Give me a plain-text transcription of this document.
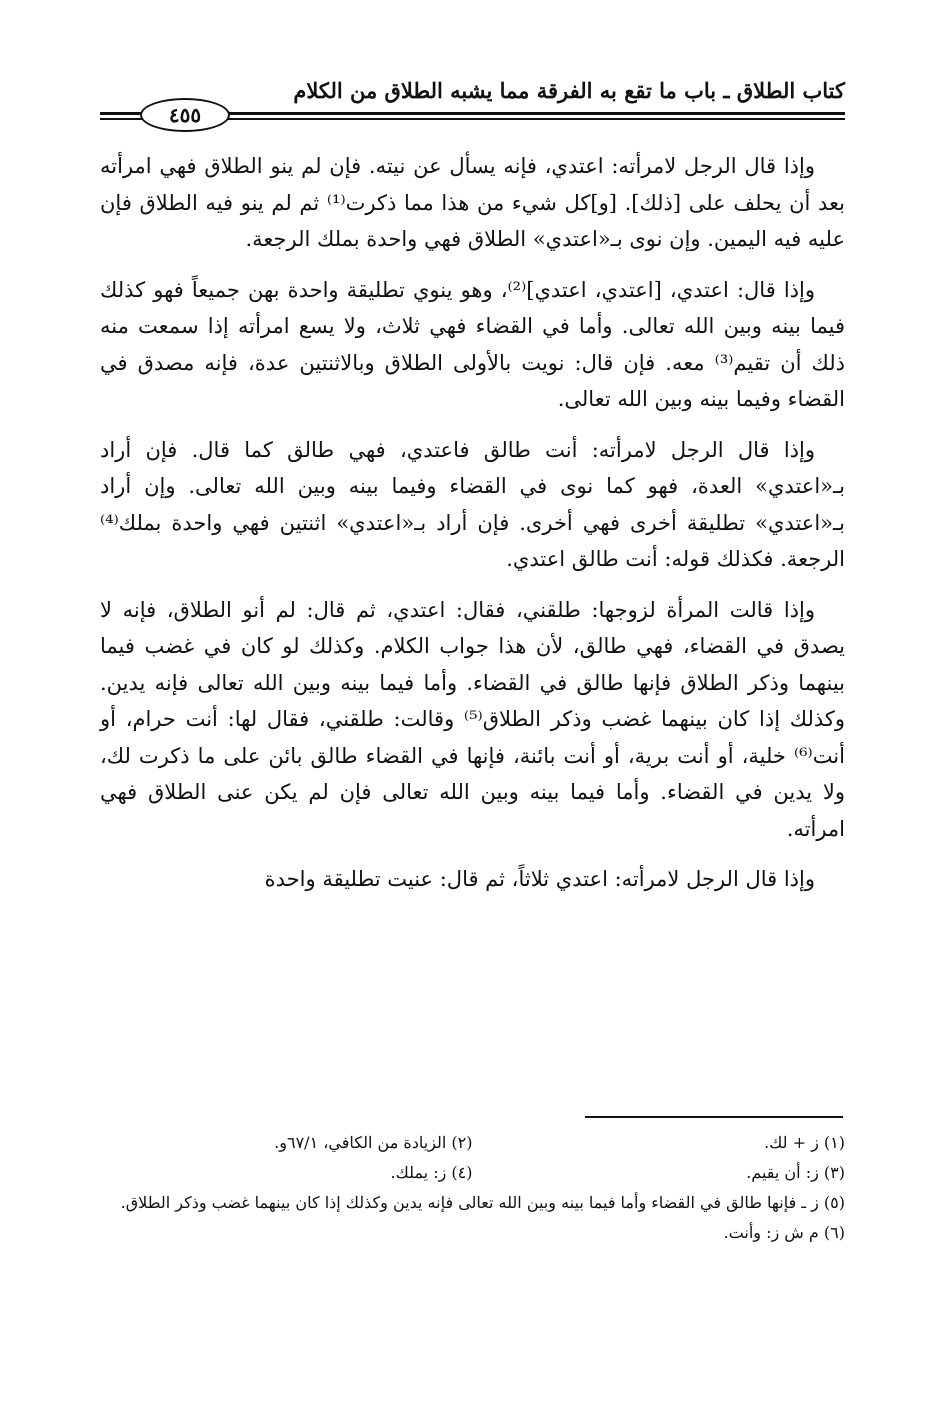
كتاب الطلاق ـ باب ما تقع به الفرقة مما يشبه الطلاق من الكلام
٤٥٥

وإذا قال الرجل لامرأته: اعتدي، فإنه يسأل عن نيته. فإن لم ينو الطلاق فهي امرأته بعد أن يحلف على [ذلك]. [و]كل شيء من هذا مما ذكرت⁽¹⁾ ثم لم ينو فيه الطلاق فإن عليه فيه اليمين. وإن نوى بـ«اعتدي» الطلاق فهي واحدة بملك الرجعة.

وإذا قال: اعتدي، [اعتدي، اعتدي]⁽²⁾، وهو ينوي تطليقة واحدة بهن جميعاً فهو كذلك فيما بينه وبين الله تعالى. وأما في القضاء فهي ثلاث، ولا يسع امرأته إذا سمعت منه ذلك أن تقيم⁽³⁾ معه. فإن قال: نويت بالأولى الطلاق وبالاثنتين عدة، فإنه مصدق في القضاء وفيما بينه وبين الله تعالى.

وإذا قال الرجل لامرأته: أنت طالق فاعتدي، فهي طالق كما قال. فإن أراد بـ«اعتدي» العدة، فهو كما نوى في القضاء وفيما بينه وبين الله تعالى. وإن أراد بـ«اعتدي» تطليقة أخرى فهي أخرى. فإن أراد بـ«اعتدي» اثنتين فهي واحدة بملك⁽⁴⁾ الرجعة. فكذلك قوله: أنت طالق اعتدي.

وإذا قالت المرأة لزوجها: طلقني، فقال: اعتدي، ثم قال: لم أنو الطلاق، فإنه لا يصدق في القضاء، فهي طالق، لأن هذا جواب الكلام. وكذلك لو كان في غضب فيما بينهما وذكر الطلاق فإنها طالق في القضاء. وأما فيما بينه وبين الله تعالى فإنه يدين. وكذلك إذا كان بينهما غضب وذكر الطلاق⁽⁵⁾ وقالت: طلقني، فقال لها: أنت حرام، أو أنت⁽⁶⁾ خلية، أو أنت برية، أو أنت بائنة، فإنها في القضاء طالق بائن على ما ذكرت لك، ولا يدين في القضاء. وأما فيما بينه وبين الله تعالى فإن لم يكن عنى الطلاق فهي امرأته.

وإذا قال الرجل لامرأته: اعتدي ثلاثاً، ثم قال: عنيت تطليقة واحدة

(١) ز + لك.
(٢) الزيادة من الكافي، ٦٧/١و.
(٣) ز: أن يقيم.
(٤) ز: يملك.
(٥) ز ـ فإنها طالق في القضاء وأما فيما بينه وبين الله تعالى فإنه يدين وكذلك إذا كان بينهما غضب وذكر الطلاق.
(٦) م ش ز: وأنت.
